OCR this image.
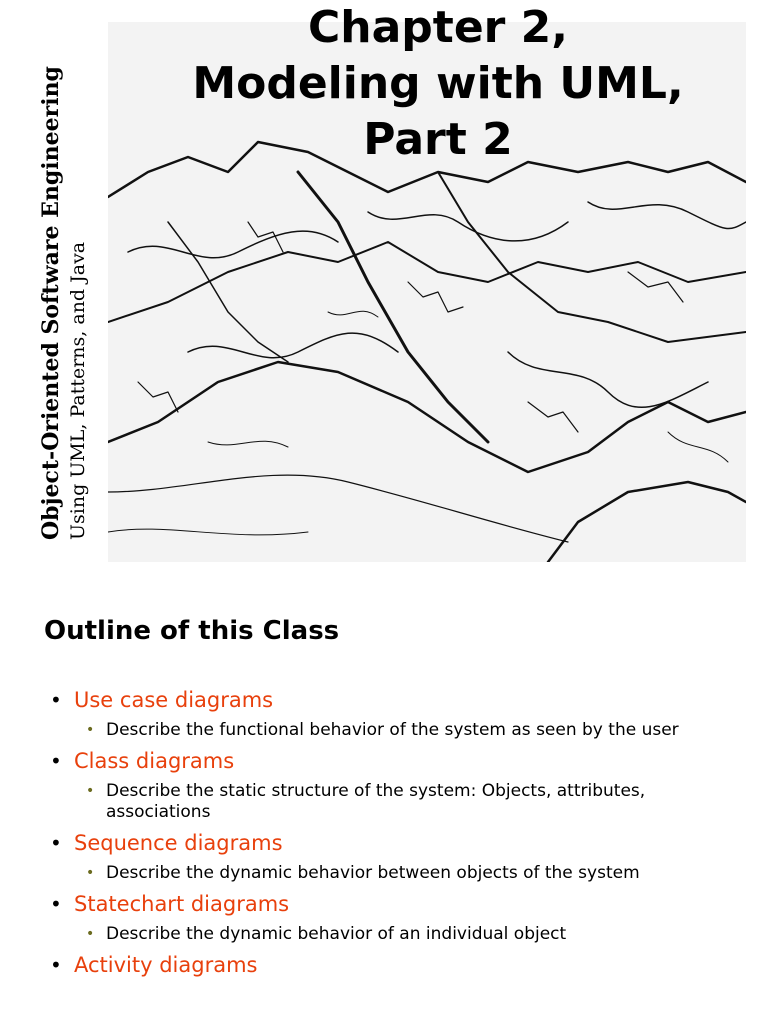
Object-Oriented Software Engineering Using UML, Patterns, and Java
Chapter 2,
Modeling with UML,
Part 2
Outline of this Class
• Use case diagrams
• Describe the functional behavior of the system as seen by the user
• Class diagrams
• Describe the static structure of the system: Objects, attributes, associations
• Sequence diagrams
• Describe the dynamic behavior between objects of the system
• Statechart diagrams
• Describe the dynamic behavior of an individual object
• Activity diagrams
